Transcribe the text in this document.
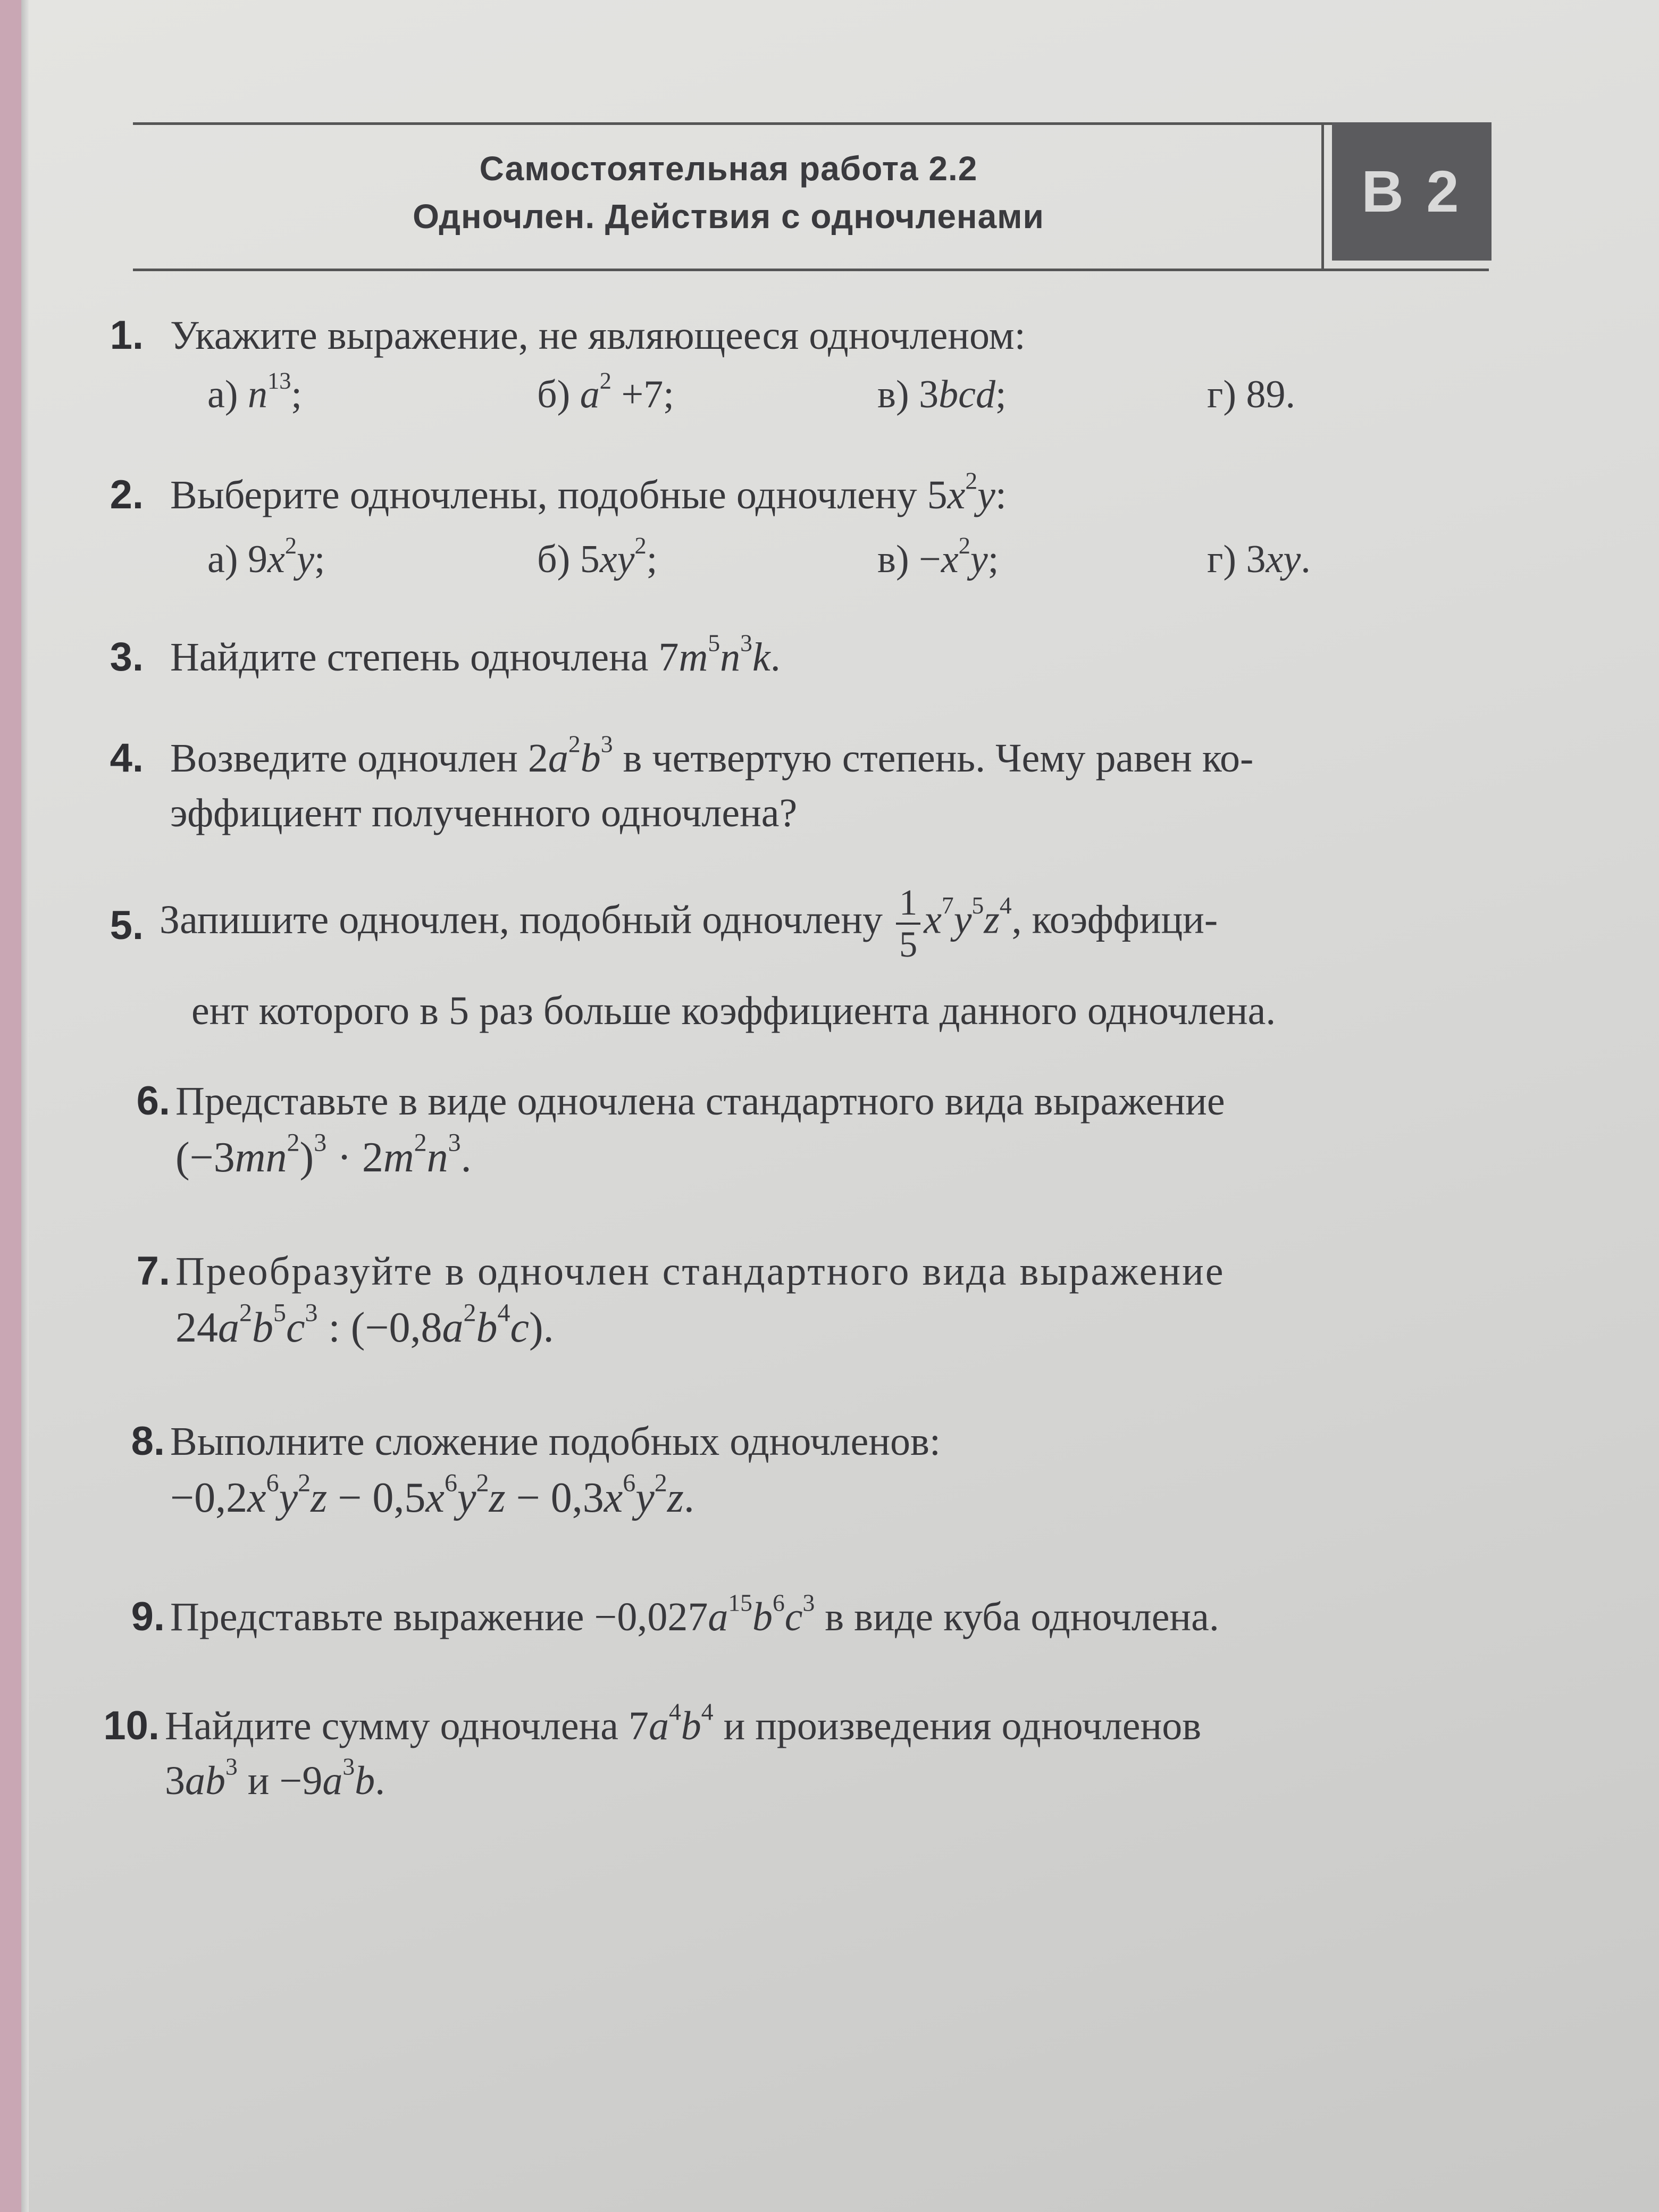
Самостоятельная работа 2.2
Одночлен. Действия с одночленами	В 2
1. Укажите выражение, не являющееся одночленом:
а) $n^{13}$;	б) $a^2 +7$;	в) 3bcd;	г) 89.
2. Выберите одночлены, подобные одночлену $5x^2y$:
а) $9x^2y$;	б) $5xy^2$;	$в) -x^2y$;	г) 3xy.
3. Найдите степень одночлена $7m^5n^3k$.
4. Возведите одночлен $2a^2b^3$ в четвертую степень. Чему равен ко-
эффициент полученного одночлена?
5. Запишите одночлен, подобный одночлену $\frac{1}{5} x^7y^5z^4$, коэффици-
ент которого в 5 раз больше коэффициента данного одночлена.
6. Представьте в виде одночлена стандартного вида выражение
$(-3mn^2)^3 \cdot 2m^2n^3$.
7. Преобразуйте в одночлен стандартного вида выражение
$24a^2b^5c^3$ : $(-0,8a^2b^4c)$.
8. Выполните сложение подобных одночленов:
$-0,2x^6y^2z - 0,5x^6y^2z - 0,3x^6y^2z$.
9. Представьте выражение $-0,027a^{15}b^6c^3$ в виде куба одночлена.
10. Найдите сумму одночлена $7a^4b^4$ и произведения одночленов
$3ab^3$ $и -9a^3b$.
